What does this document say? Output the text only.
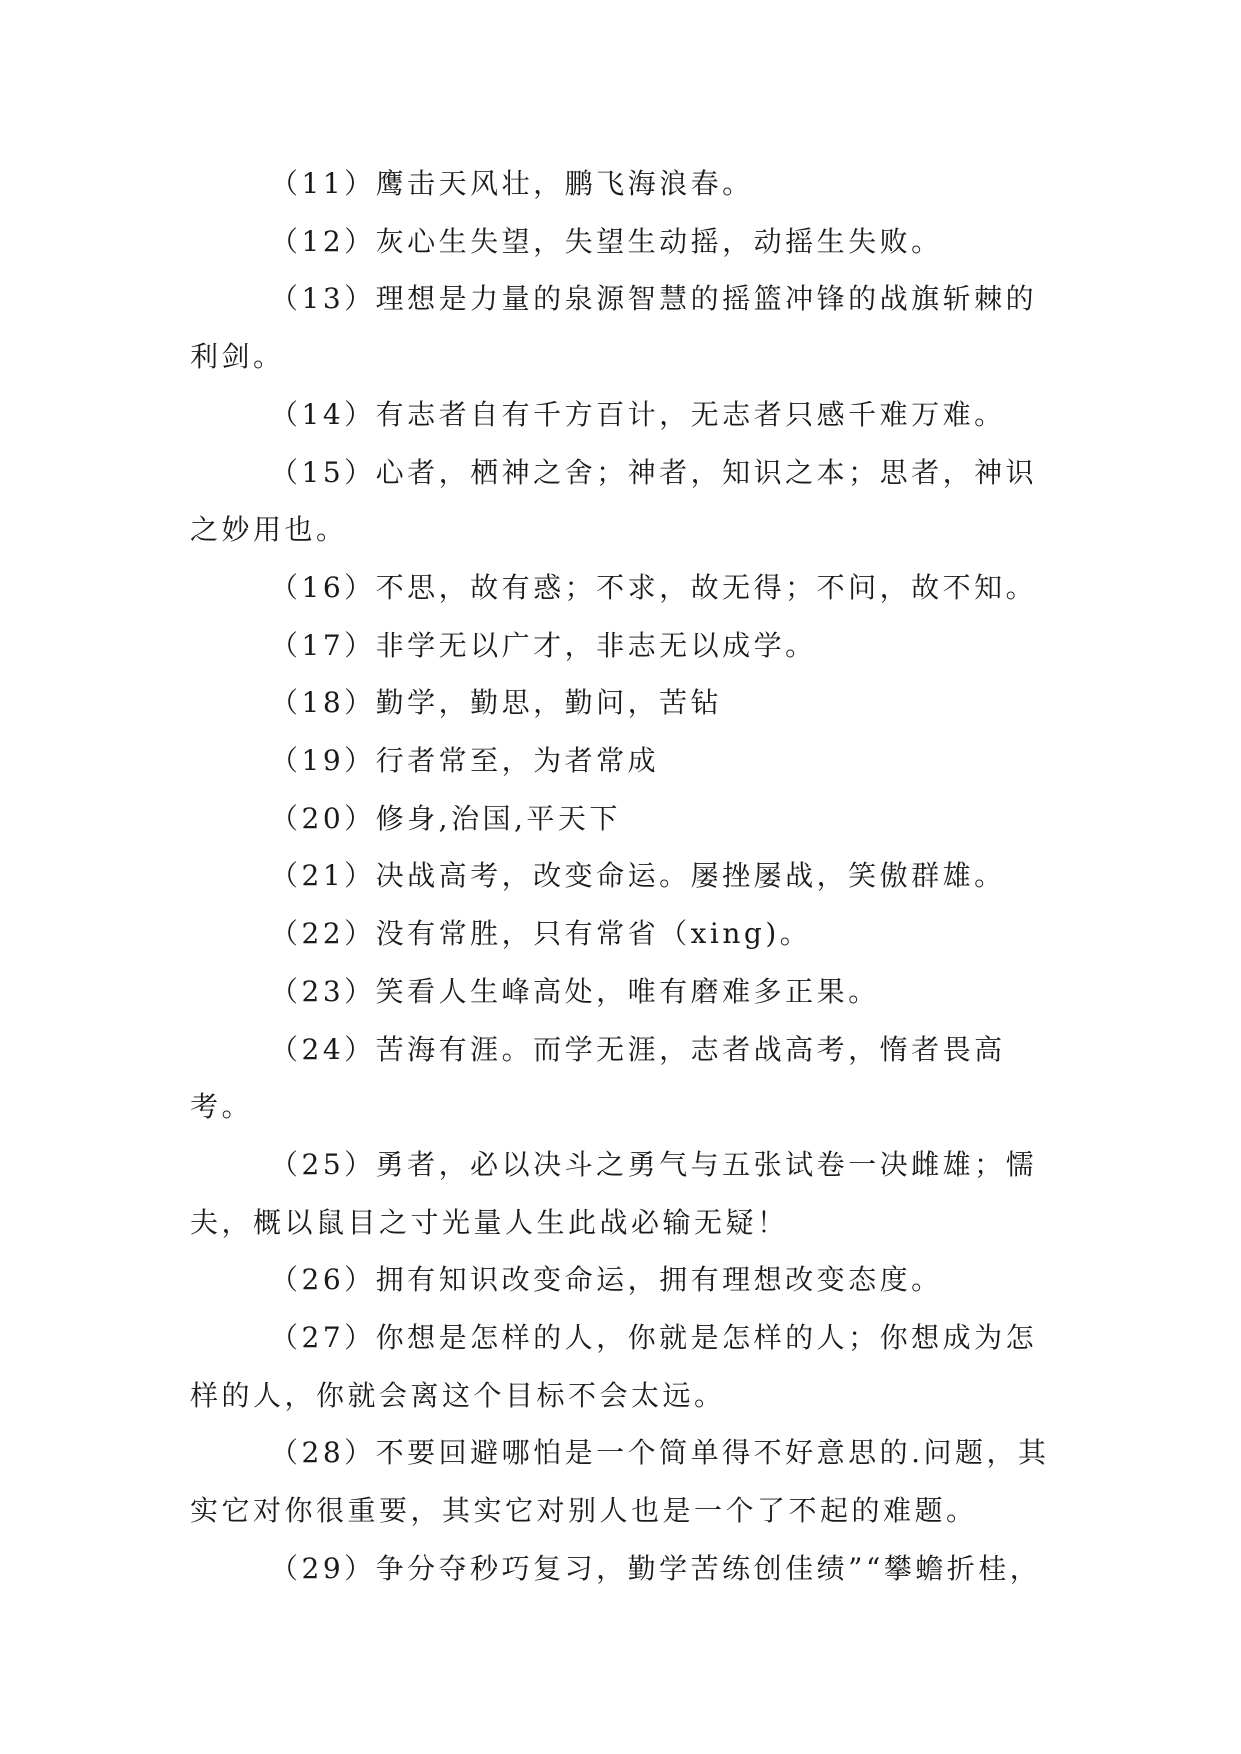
（11）鹰击天风壮，鹏飞海浪春。

（12）灰心生失望，失望生动摇，动摇生失败。

（13）理想是力量的泉源智慧的摇篮冲锋的战旗斩棘的利剑。

（14）有志者自有千方百计，无志者只感千难万难。

（15）心者，栖神之舍；神者，知识之本；思者，神识之妙用也。

（16）不思，故有惑；不求，故无得；不问，故不知。

（17）非学无以广才，非志无以成学。

（18）勤学，勤思，勤问，苦钻

（19）行者常至，为者常成

（20）修身,治国,平天下

（21）决战高考，改变命运。屡挫屡战，笑傲群雄。

（22）没有常胜，只有常省（xing)。

（23）笑看人生峰高处，唯有磨难多正果。

（24）苦海有涯。而学无涯，志者战高考，惰者畏高考。

（25）勇者，必以决斗之勇气与五张试卷一决雌雄；懦夫，概以鼠目之寸光量人生此战必输无疑！

（26）拥有知识改变命运，拥有理想改变态度。

（27）你想是怎样的人，你就是怎样的人；你想成为怎样的人，你就会离这个目标不会太远。

（28）不要回避哪怕是一个简单得不好意思的.问题，其实它对你很重要，其实它对别人也是一个了不起的难题。

（29）争分夺秒巧复习，勤学苦练创佳绩”“攀蟾折桂，
